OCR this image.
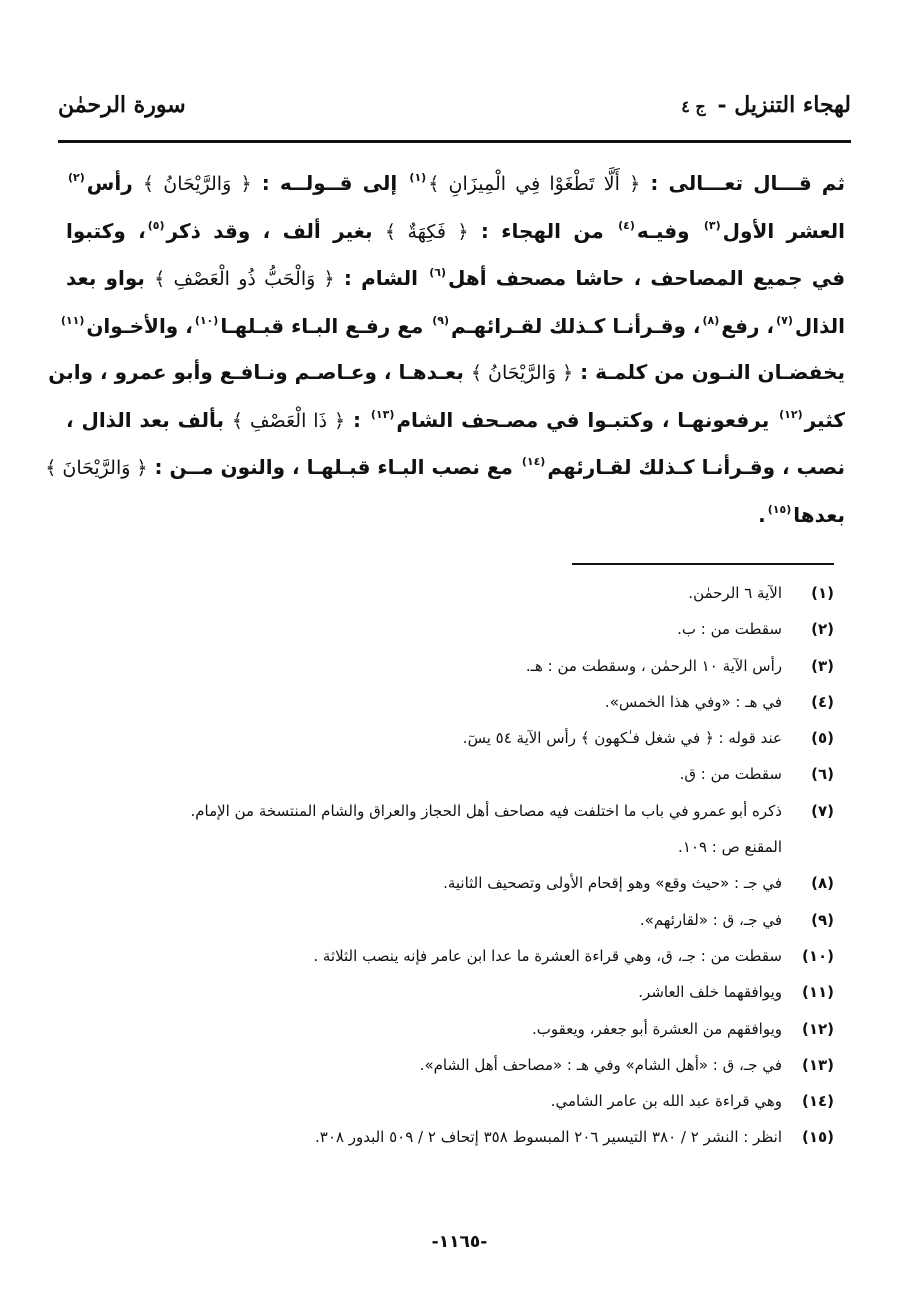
لهجاء التنزيل - ج ٤
سورة الرحمٰن
ثم قـــال تعـــالى : ﴿ أَلَّا تَطْغَوْا فِي الْمِيزَانِ ﴾$^{(١)}$ إلى قــولــه : ﴿ وَالرَّيْحَانُ ﴾ رأس$^{(٢)}$
العشر الأول$^{(٣)}$ وفيـه$^{(٤)}$ من الهجاء : ﴿ فَكِهَةٌ ﴾ بغير ألف ، وقد ذكر$^{(٥)}$، وكتبوا
في جميع المصاحف ، حاشا مصحف أهل$^{(٦)}$ الشام : ﴿ وَالْحَبُّ ذُو الْعَصْفِ ﴾ بواو بعد
الذال$^{(٧)}$، رفع$^{(٨)}$، وقـرأنـا كـذلك لقـرائهـم$^{(٩)}$ مع رفـع البـاء قبـلهـا$^{(١٠)}$، والأخـوان$^{(١١)}$
يخفضـان النـون من كلمـة : ﴿ وَالرَّيْحَانُ ﴾ بعـدهـا ، وعـاصـم ونـافـع وأبو عمرو ، وابن
كثير$^{(١٢)}$ يرفعونهـا ، وكتبـوا في مصـحف الشام$^{(١٣)}$ : ﴿ ذَا الْعَصْفِ ﴾ بألف بعد الذال ،
نصب ، وقـرأنـا كـذلك لقـارئهم$^{(١٤)}$ مع نصب البـاء قبـلهـا ، والنون مــن : ﴿ وَالرَّيْحَانَ ﴾
بعدها$^{(١٥)}$.
(١)
الآية ٦ الرحمٰن.
(٢)
سقطت من : ب.
(٣)
رأس الآية ١٠ الرحمٰن ، وسقطت من : هـ.
(٤)
في هـ : «وفي هذا الخمس».
(٥)
عند قوله : ﴿ في شغل فـٰكهون ﴾ رأس الآية ٥٤ يسٓ.
(٦)
سقطت من : ق.
(٧)
ذكره أبو عمرو في باب ما اختلفت فيه مصاحف أهل الحجاز والعراق والشام المنتسخة من الإمام.
المقنع ص : ١٠٩.
(٨)
في جـ : «حيث وقع» وهو إقحام الأولى وتصحيف الثانية.
(٩)
في جـ، ق : «لقارئهم».
(١٠)
سقطت من : جـ، ق، وهي قراءة العشرة ما عدا ابن عامر فإنه ينصب الثلاثة .
(١١)
ويوافقهما خلف العاشر.
(١٢)
ويوافقهم من العشرة أبو جعفر، ويعقوب.
(١٣)
في جـ، ق : «أهل الشام» وفي هـ : «مصاحف أهل الشام».
(١٤)
وهي قراءة عبد الله بن عامر الشامي.
(١٥)
انظر : النشر ٢ / ٣٨٠ التيسير ٢٠٦ المبسوط ٣٥٨ إتحاف ٢ / ٥٠٩ البدور ٣٠٨.
-١١٦٥-
